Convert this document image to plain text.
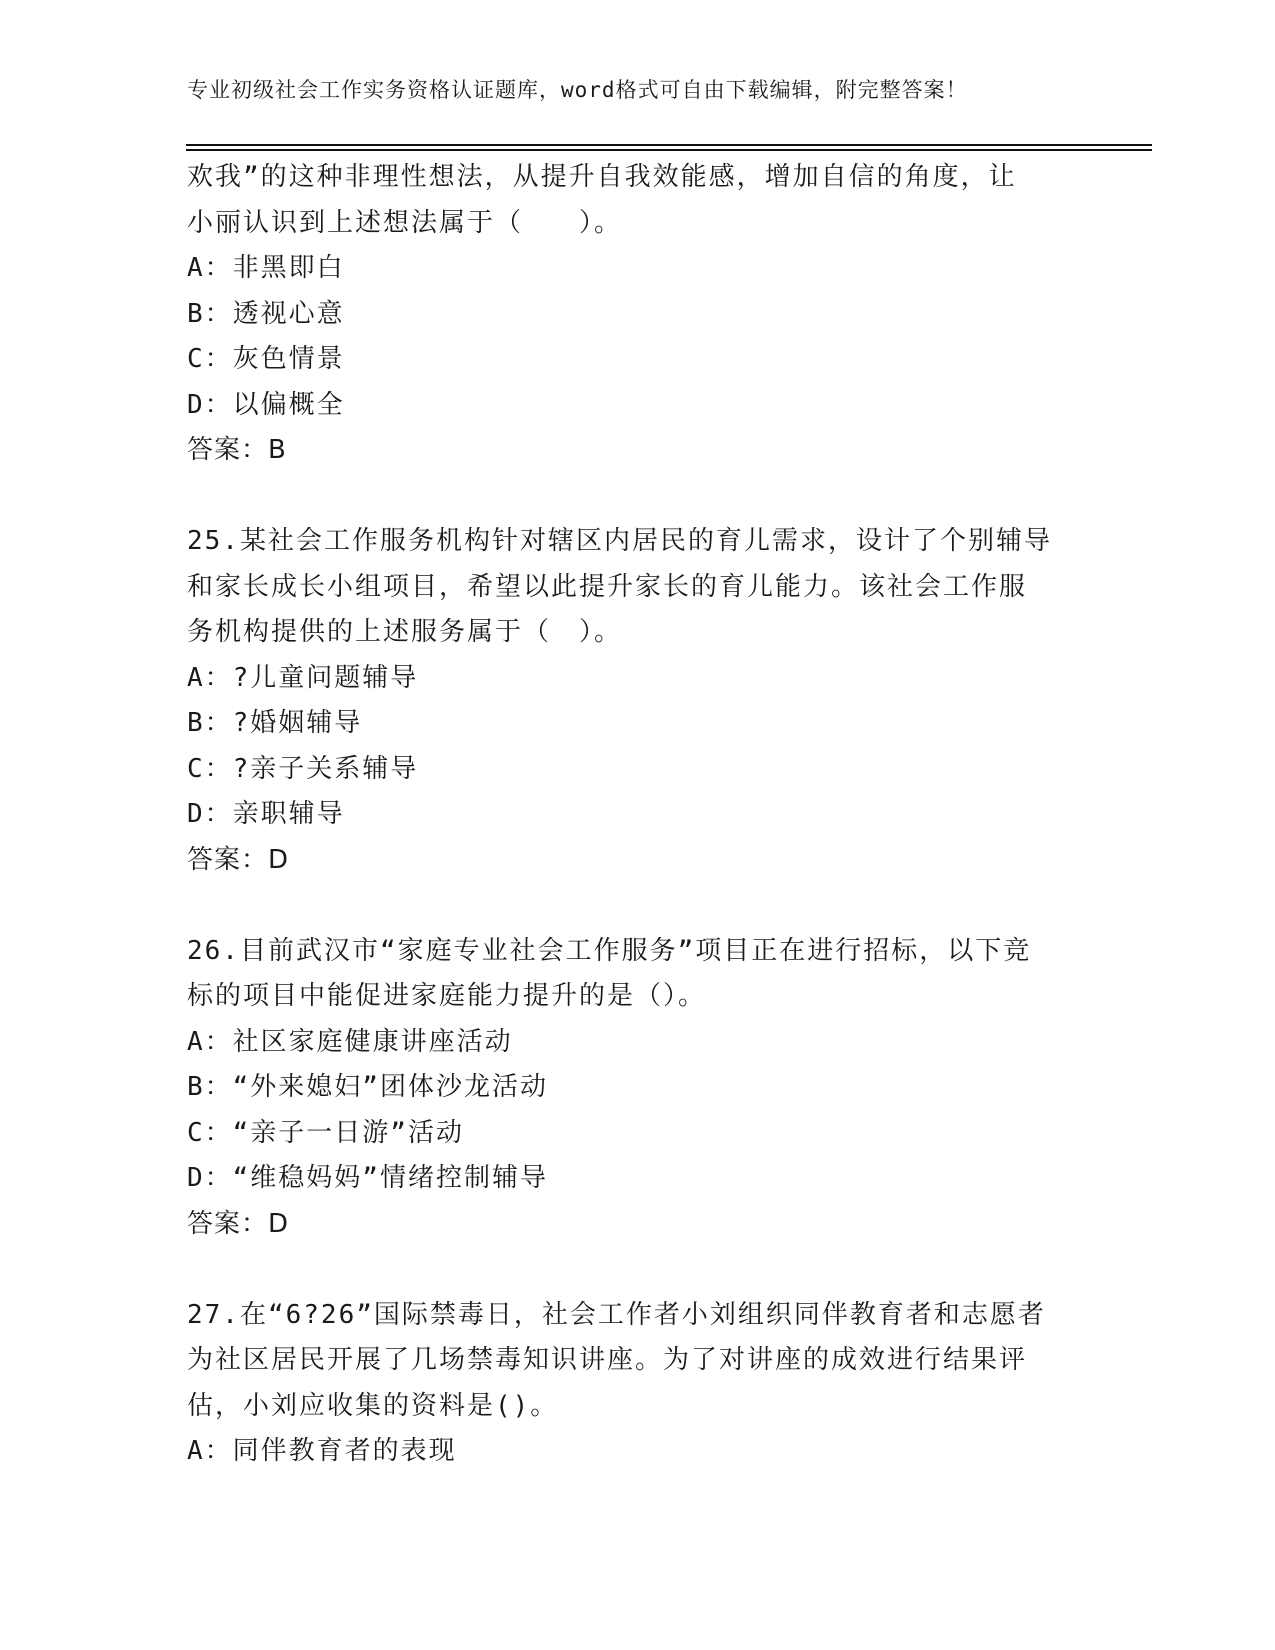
专业初级社会工作实务资格认证题库，word格式可自由下载编辑，附完整答案！
欢我”的这种非理性想法，从提升自我效能感，增加自信的角度，让
小丽认识到上述想法属于（　　）。
A：非黑即白
B：透视心意
C：灰色情景
D：以偏概全
答案：B
25.某社会工作服务机构针对辖区内居民的育儿需求，设计了个别辅导
和家长成长小组项目，希望以此提升家长的育儿能力。该社会工作服
务机构提供的上述服务属于（　）。
A：?儿童问题辅导
B：?婚姻辅导
C：?亲子关系辅导
D：亲职辅导
答案：D
26.目前武汉市“家庭专业社会工作服务”项目正在进行招标，以下竞
标的项目中能促进家庭能力提升的是（）。
A：社区家庭健康讲座活动
B：“外来媳妇”团体沙龙活动
C：“亲子一日游”活动
D：“维稳妈妈”情绪控制辅导
答案：D
27.在“6?26”国际禁毒日，社会工作者小刘组织同伴教育者和志愿者
为社区居民开展了几场禁毒知识讲座。为了对讲座的成效进行结果评
估，小刘应收集的资料是()。
A：同伴教育者的表现
